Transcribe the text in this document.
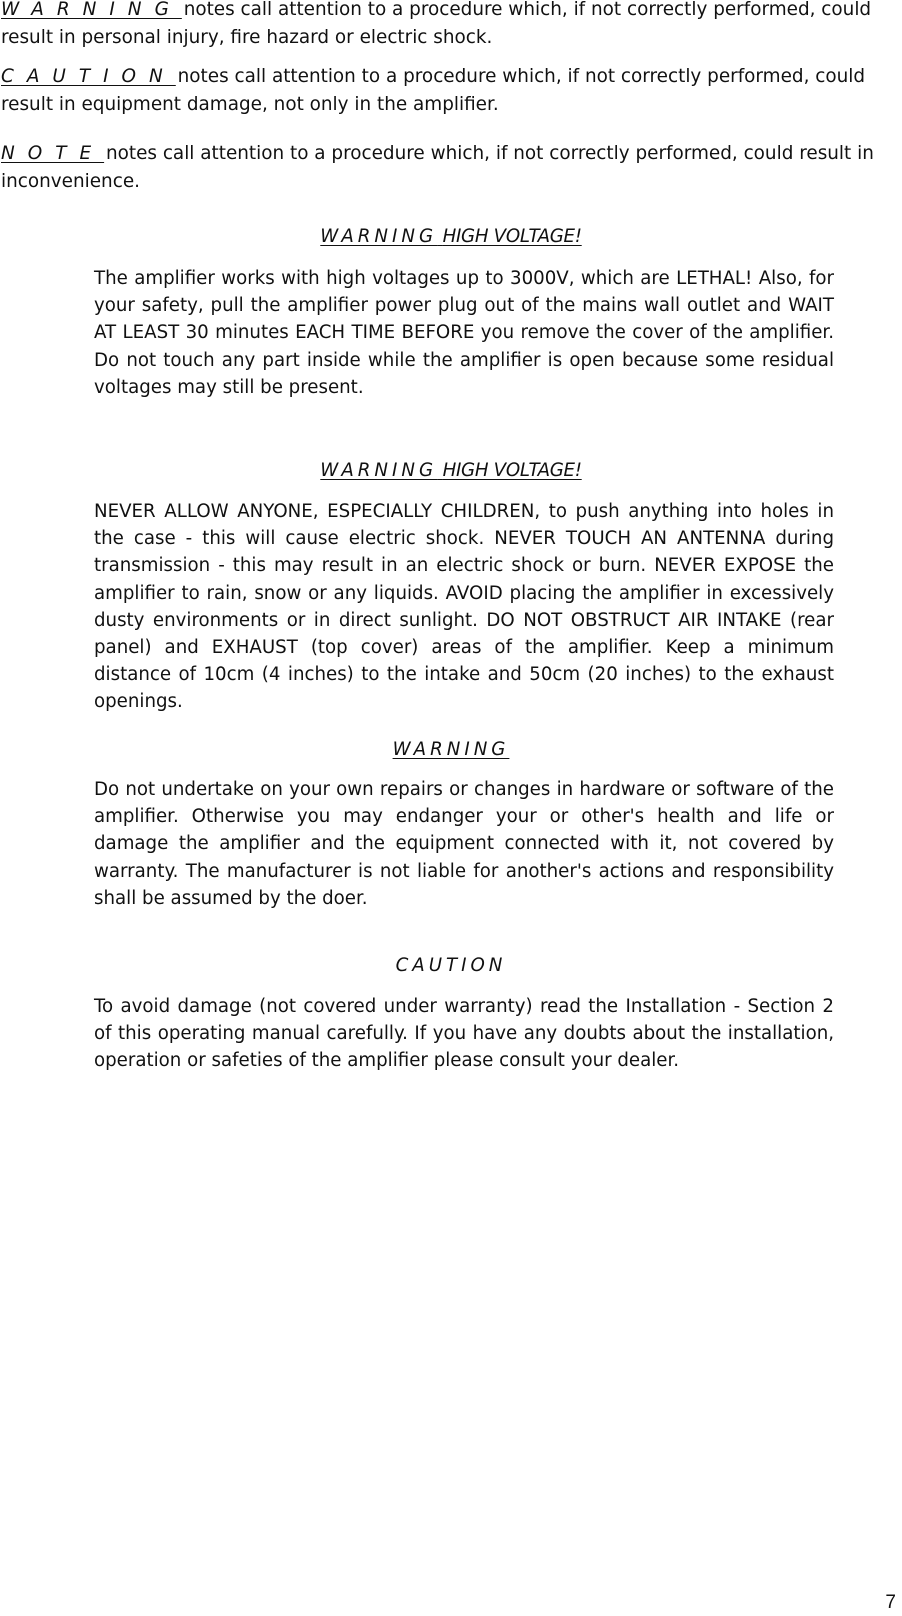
WARNING notes call attention to a procedure which, if not correctly performed, could result in personal injury, fire hazard or electric shock.

CAUTION notes call attention to a procedure which, if not correctly performed, could result in equipment damage, not only in the amplifier.

NOTE notes call attention to a procedure which, if not correctly performed, could result in inconvenience.

WARNING HIGH VOLTAGE!

The amplifier works with high voltages up to 3000V, which are LETHAL! Also, for your safety, pull the amplifier power plug out of the mains wall outlet and WAIT AT LEAST 30 minutes EACH TIME BEFORE you remove the cover of the amplifier. Do not touch any part inside while the amplifier is open because some residual voltages may still be present.

WARNING HIGH VOLTAGE!

NEVER ALLOW ANYONE, ESPECIALLY CHILDREN, to push anything into holes in the case - this will cause electric shock. NEVER TOUCH AN ANTENNA during transmission - this may result in an electric shock or burn. NEVER EXPOSE the amplifier to rain, snow or any liquids. AVOID placing the amplifier in excessively dusty environments or in direct sunlight. DO NOT OBSTRUCT AIR INTAKE (rear panel) and EXHAUST (top cover) areas of the amplifier. Keep a minimum distance of 10cm (4 inches) to the intake and 50cm (20 inches) to the exhaust openings.

WARNING

Do not undertake on your own repairs or changes in hardware or software of the amplifier. Otherwise you may endanger your or other's health and life or damage the amplifier and the equipment connected with it, not covered by warranty. The manufacturer is not liable for another's actions and responsibility shall be assumed by the doer.

CAUTION

To avoid damage (not covered under warranty) read the Installation - Section 2 of this operating manual carefully. If you have any doubts about the installation, operation or safeties of the amplifier please consult your dealer.

7
